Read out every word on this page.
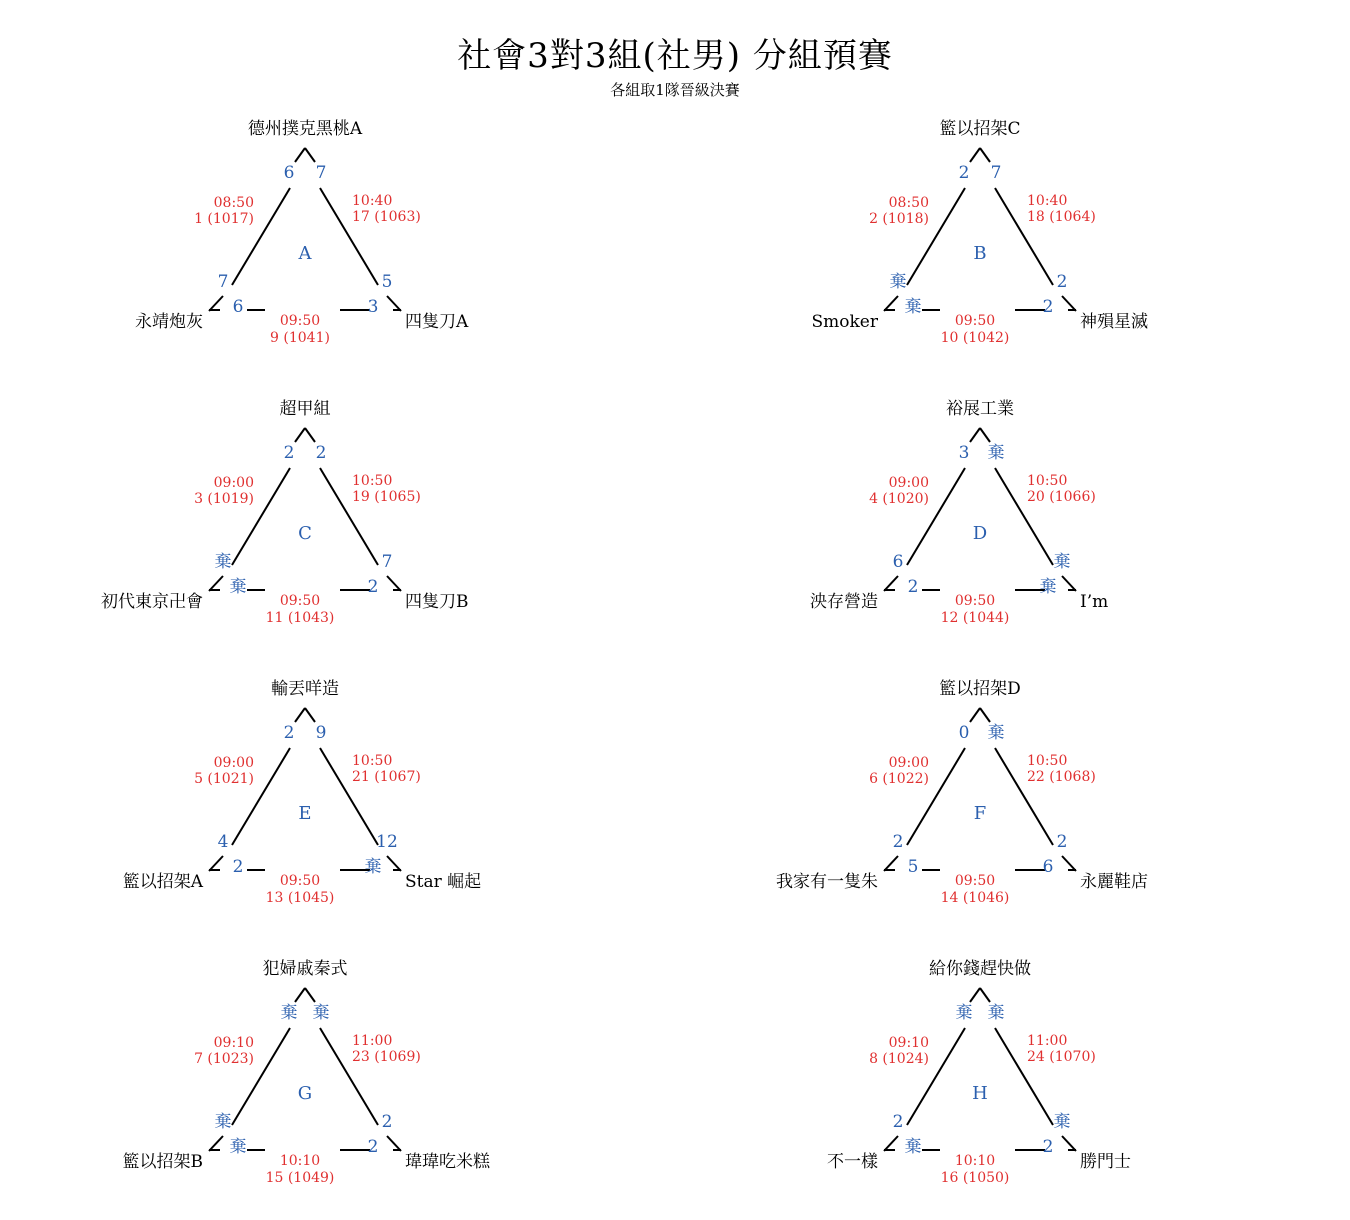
社會3對3組(社男) 分組預賽
各組取1隊晉級決賽
德州撲克黑桃A
永靖炮灰	四隻刀A
A
6 7
7
6
5
3
08:50
1 (1017)
10:40
17 (1063)
09:50
9 (1041)
籃以招架C
Smoker	神殞星滅
B
2 7
棄
棄
2
2
08:50
2 (1018)
10:40
18 (1064)
09:50
10 (1042)
超甲組
初代東京卍會	四隻刀B
C
2 2
棄
棄
7
2
09:00
3 (1019)
10:50
19 (1065)
09:50
11 (1043)
裕展工業
泱存營造	I’m
D
3 棄
6
2
棄
棄
09:00
4 (1020)
10:50
20 (1066)
09:50
12 (1044)
輸丟咩造
籃以招架A	Star 崛起
E
2 9
4
2
12
棄
09:00
5 (1021)
10:50
21 (1067)
09:50
13 (1045)
籃以招架D
我家有一隻朱	永麗鞋店
F
0 棄
2
5
2
6
09:00
6 (1022)
10:50
22 (1068)
09:50
14 (1046)
犯婦戚秦式
籃以招架B	瑋瑋吃米糕
G
棄 棄
棄
棄
2
2
09:10
7 (1023)
11:00
23 (1069)
10:10
15 (1049)
給你錢趕快做
不一樣	勝門士
H
棄 棄
2
棄
棄
2
09:10
8 (1024)
11:00
24 (1070)
10:10
16 (1050)
